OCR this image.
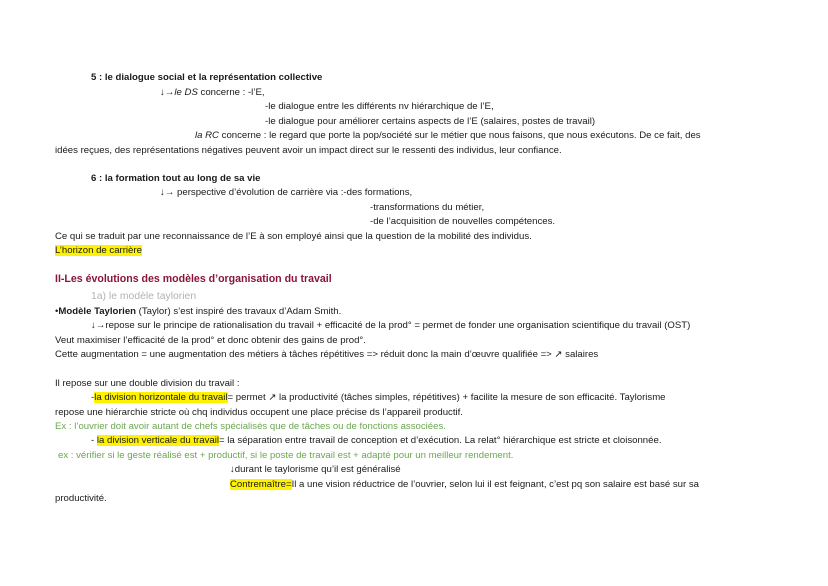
5 : le dialogue social et la représentation collective
↓→le DS concerne : -l’E,
-le dialogue entre les différents nv hiérarchique de l’E,
-le dialogue pour améliorer certains aspects de l’E (salaires, postes de travail)
la RC concerne : le regard que porte la pop/société sur le métier que nous faisons, que nous exécutons. De ce fait, des
idées reçues, des représentations négatives peuvent avoir un impact direct sur le ressenti des individus, leur confiance.
6 : la formation tout au long de sa vie
↓→ perspective d’évolution de carrière via :-des formations,
-transformations du métier,
-de l’acquisition de nouvelles compétences.
Ce qui se traduit par une reconnaissance de l’E à son employé ainsi que la question de la mobilité des individus.
L’horizon de carrière
II-Les évolutions des modèles d’organisation du travail
1a) le modèle taylorien
•Modèle Taylorien (Taylor) s’est inspiré des travaux d’Adam Smith.
↓→repose sur le principe de rationalisation du travail + efficacité de la prod° = permet de fonder une organisation scientifique du travail (OST)
Veut maximiser l’efficacité de la prod° et donc obtenir des gains de prod°.
Cette augmentation = une augmentation des métiers à tâches répétitives => réduit donc la main d’œuvre qualifiée => ↗ salaires
Il repose sur une double division du travail :
-la division horizontale du travail= permet ↗ la productivité (tâches simples, répétitives) + facilite la mesure de son efficacité. Taylorisme
repose une hiérarchie stricte où chq individus occupent une place précise ds l’appareil productif.
Ex : l’ouvrier doit avoir autant de chefs spécialisés que de tâches ou de fonctions associées.
- la division verticale du travail= la séparation entre travail de conception et d’exécution. La relat° hiérarchique est stricte et cloisonnée.
ex : vérifier si le geste réalisé est + productif, si le poste de travail est + adapté pour un meilleur rendement.
↓durant le taylorisme qu’il est généralisé
Contremaître=Il a une vision réductrice de l’ouvrier, selon lui il est feignant, c’est pq son salaire est basé sur sa
productivité.
